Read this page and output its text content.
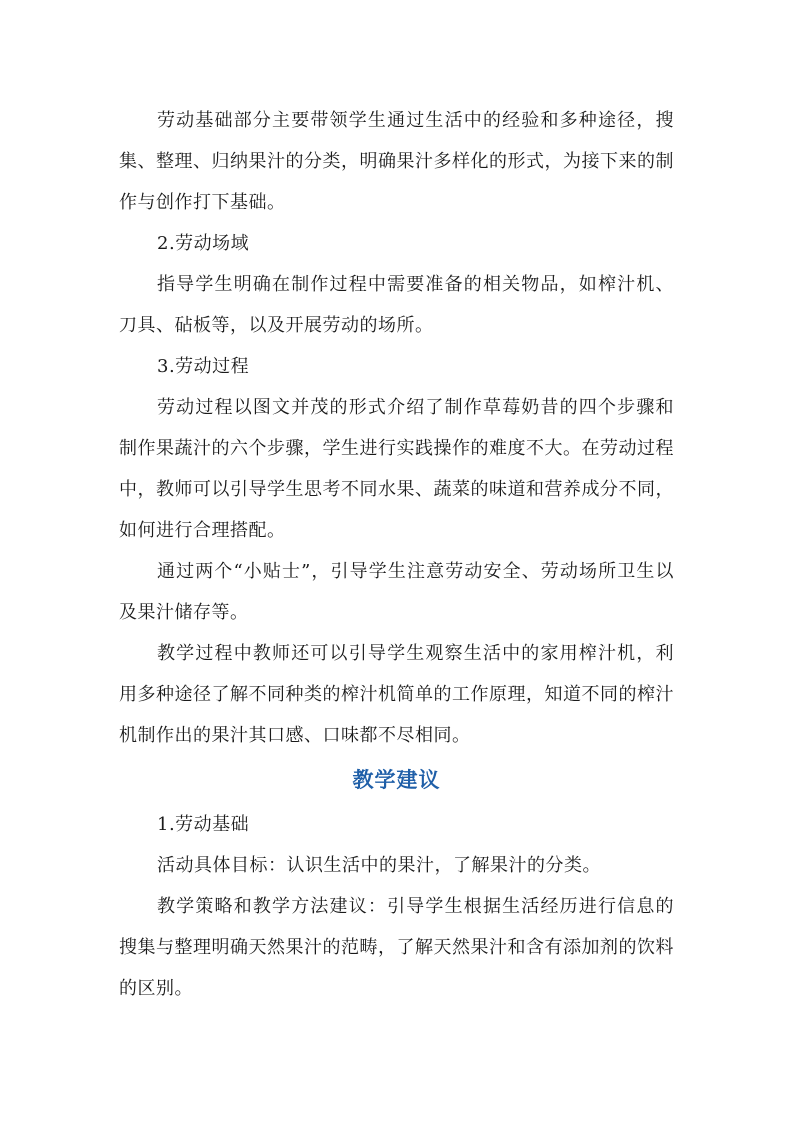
劳动基础部分主要带领学生通过生活中的经验和多种途径，搜集、整理、归纳果汁的分类，明确果汁多样化的形式，为接下来的制作与创作打下基础。

2.劳动场域

指导学生明确在制作过程中需要准备的相关物品，如榨汁机、刀具、砧板等，以及开展劳动的场所。

3.劳动过程

劳动过程以图文并茂的形式介绍了制作草莓奶昔的四个步骤和制作果蔬汁的六个步骤，学生进行实践操作的难度不大。在劳动过程中，教师可以引导学生思考不同水果、蔬菜的味道和营养成分不同，如何进行合理搭配。

通过两个“小贴士”，引导学生注意劳动安全、劳动场所卫生以及果汁储存等。

教学过程中教师还可以引导学生观察生活中的家用榨汁机，利用多种途径了解不同种类的榨汁机简单的工作原理，知道不同的榨汁机制作出的果汁其口感、口味都不尽相同。

教学建议

1.劳动基础

活动具体目标：认识生活中的果汁，了解果汁的分类。

教学策略和教学方法建议：引导学生根据生活经历进行信息的搜集与整理明确天然果汁的范畴，了解天然果汁和含有添加剂的饮料的区别。
